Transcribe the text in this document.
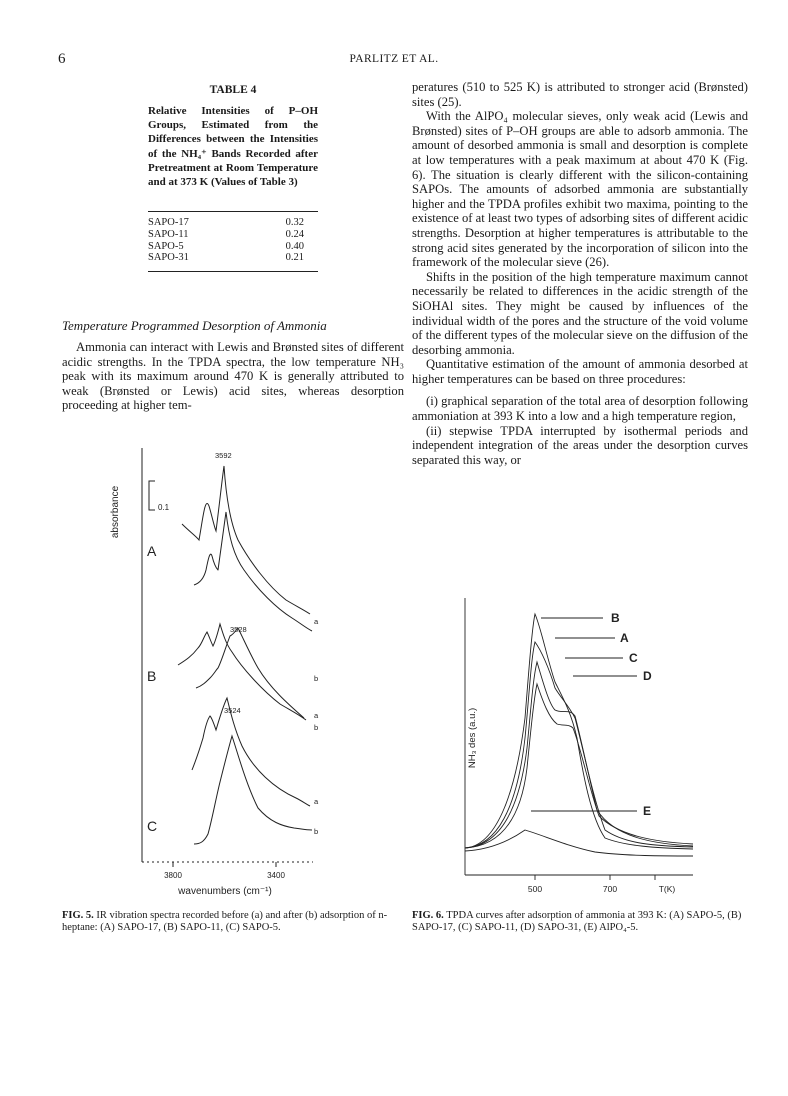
6	PARLITZ ET AL.
TABLE 4
Relative Intensities of P–OH Groups, Estimated from the Differences between the Intensities of the NH₄⁺ Bands Recorded after Pretreatment at Room Temperature and at 373 K (Values of Table 3)
SAPO-17	0.32
SAPO-11	0.24
SAPO-5	0.40
SAPO-31	0.21
Temperature Programmed Desorption of Ammonia

Ammonia can interact with Lewis and Brønsted sites of different acidic strengths. In the TPDA spectra, the low temperature NH₃ peak with its maximum around 470 K is generally attributed to weak (Brønsted or Lewis) acid sites, whereas desorption proceeding at higher tem-

peratures (510 to 525 K) is attributed to stronger acid (Brønsted) sites (25).

With the AlPO₄ molecular sieves, only weak acid (Lewis and Brønsted) sites of P–OH groups are able to adsorb ammonia. The amount of desorbed ammonia is small and desorption is complete at low temperatures with a peak maximum at about 470 K (Fig. 6). The situation is clearly different with the silicon-containing SAPOs. The amounts of adsorbed ammonia are substantially higher and the TPDA profiles exhibit two maxima, pointing to the existence of at least two types of adsorbing sites of different acidic strengths. Desorption at higher temperatures is attributable to the strong acid sites generated by the incorporation of silicon into the framework of the molecular sieve (26).

Shifts in the position of the high temperature maximum cannot necessarily be related to differences in the acidic strength of the SiOHAl sites. They might be caused by influences of the individual width of the pores and the structure of the void volume of the different types of the molecular sieve on the diffusion of the desorbing ammonia.

Quantitative estimation of the amount of ammonia desorbed at higher temperatures can be based on three procedures:

(i) graphical separation of the total area of desorption following ammoniation at 393 K into a low and a high temperature region,

(ii) stepwise TPDA interrupted by isothermal periods and independent integration of the areas under the desorption curves separated this way, or

absorbance	0.1
3592
3528
3524
A
B
C
a
b
a
b
a
b
3800	3400
wavenumbers (cm⁻¹)
FIG. 5. IR vibration spectra recorded before (a) and after (b) adsorption of n-heptane: (A) SAPO-17, (B) SAPO-11, (C) SAPO-5.
NH₃ des (a.u.)
B
A
C
D
E
500	700	T(K)
FIG. 6. TPDA curves after adsorption of ammonia at 393 K: (A) SAPO-5, (B) SAPO-17, (C) SAPO-11, (D) SAPO-31, (E) AlPO₄-5.
